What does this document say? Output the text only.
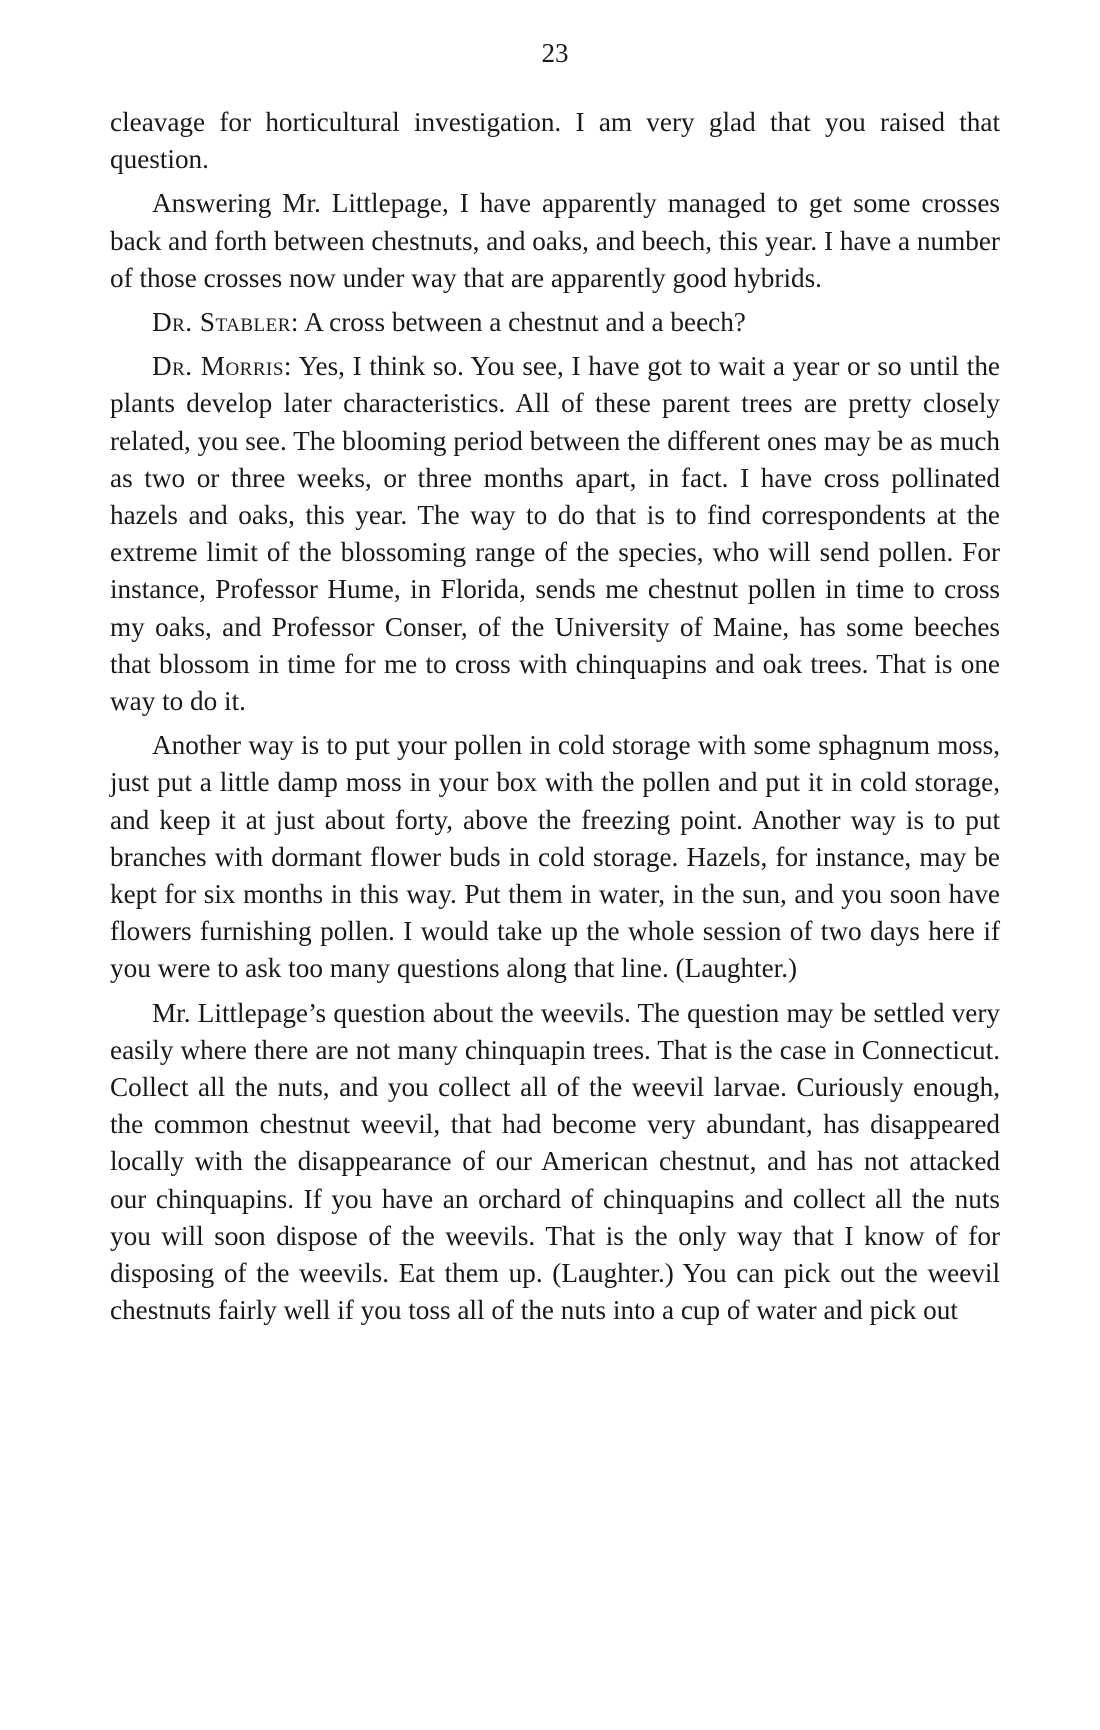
23

cleavage for horticultural investigation. I am very glad that you raised that question.

Answering Mr. Littlepage, I have apparently managed to get some crosses back and forth between chestnuts, and oaks, and beech, this year. I have a number of those crosses now under way that are apparently good hybrids.

Dr. Stabler: A cross between a chestnut and a beech?

Dr. Morris: Yes, I think so. You see, I have got to wait a year or so until the plants develop later characteristics. All of these parent trees are pretty closely related, you see. The blooming period between the different ones may be as much as two or three weeks, or three months apart, in fact. I have cross pollinated hazels and oaks, this year. The way to do that is to find correspondents at the extreme limit of the blossoming range of the species, who will send pollen. For instance, Professor Hume, in Florida, sends me chestnut pollen in time to cross my oaks, and Professor Conser, of the University of Maine, has some beeches that blossom in time for me to cross with chinquapins and oak trees. That is one way to do it.

Another way is to put your pollen in cold storage with some sphagnum moss, just put a little damp moss in your box with the pollen and put it in cold storage, and keep it at just about forty, above the freezing point. Another way is to put branches with dormant flower buds in cold storage. Hazels, for instance, may be kept for six months in this way. Put them in water, in the sun, and you soon have flowers furnishing pollen. I would take up the whole session of two days here if you were to ask too many questions along that line. (Laughter.)

Mr. Littlepage’s question about the weevils. The question may be settled very easily where there are not many chinquapin trees. That is the case in Connecticut. Collect all the nuts, and you collect all of the weevil larvae. Curiously enough, the common chestnut weevil, that had become very abundant, has disappeared locally with the disappearance of our American chestnut, and has not attacked our chinquapins. If you have an orchard of chinquapins and collect all the nuts you will soon dispose of the weevils. That is the only way that I know of for disposing of the weevils. Eat them up. (Laughter.) You can pick out the weevil chestnuts fairly well if you toss all of the nuts into a cup of water and pick out
